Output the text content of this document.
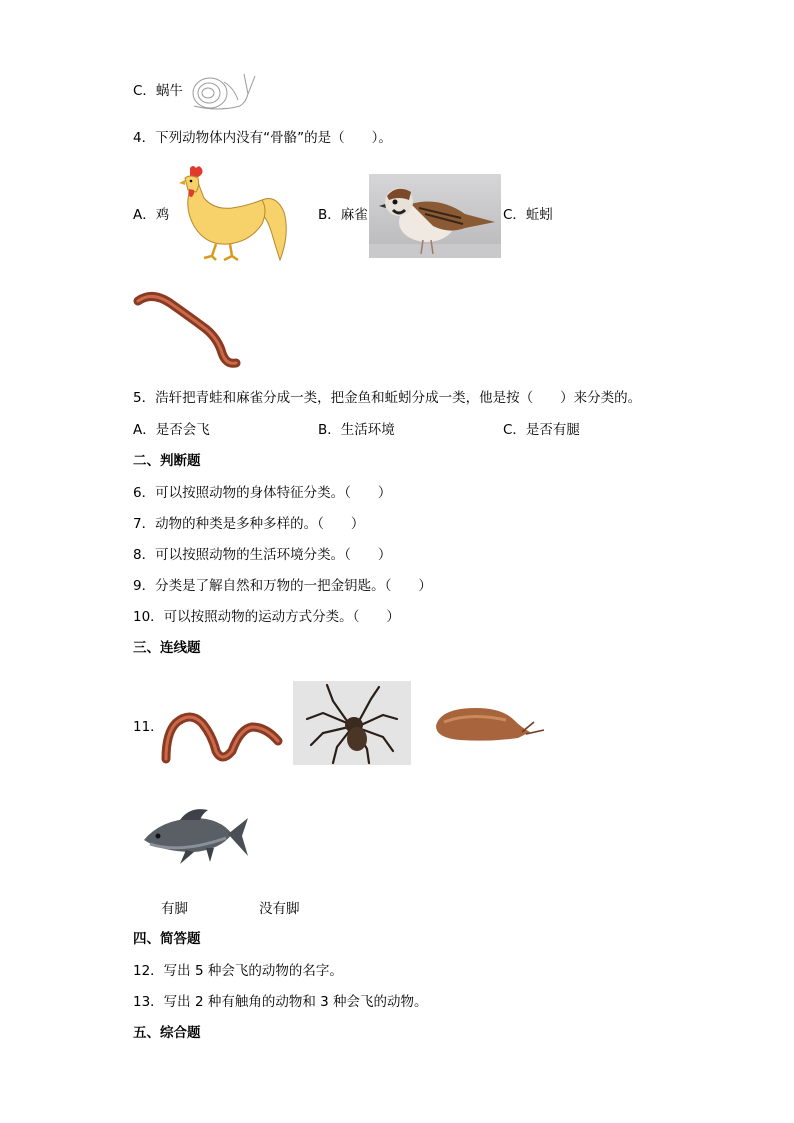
C．蜗牛
4．下列动物体内没有“骨骼”的是（　　）。
A．鸡	B．麻雀	C．蚯蚓
5．浩轩把青蛙和麻雀分成一类，把金鱼和蚯蚓分成一类，他是按（　　）来分类的。
A．是否会飞	B．生活环境	C．是否有腿
二、判断题
6．可以按照动物的身体特征分类。（　　）
7．动物的种类是多种多样的。（　　）
8．可以按照动物的生活环境分类。（　　）
9．分类是了解自然和万物的一把金钥匙。（　　）
10．可以按照动物的运动方式分类。（　　）
三、连线题
11．
有脚	没有脚
四、简答题
12．写出 5 种会飞的动物的名字。
13．写出 2 种有触角的动物和 3 种会飞的动物。
五、综合题
